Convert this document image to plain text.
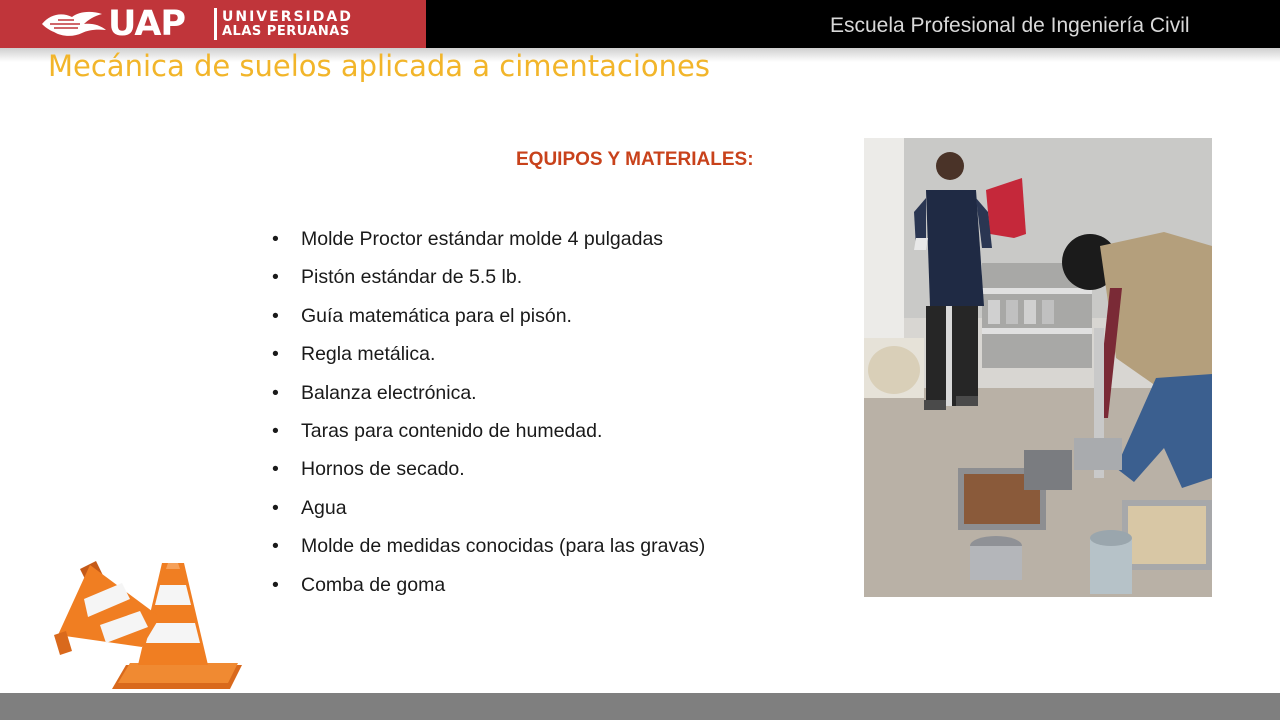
UAP	UNIVERSIDAD
ALAS PERUANAS	Escuela Profesional de Ingeniería Civil
Mecánica de suelos aplicada a cimentaciones
EQUIPOS Y MATERIALES:
• Molde Proctor estándar molde 4 pulgadas
• Pistón estándar de 5.5 lb.
• Guía matemática para el pisón.
• Regla metálica.
• Balanza electrónica.
• Taras para contenido de humedad.
• Hornos de secado.
• Agua
• Molde de medidas conocidas (para las gravas)
• Comba de goma
